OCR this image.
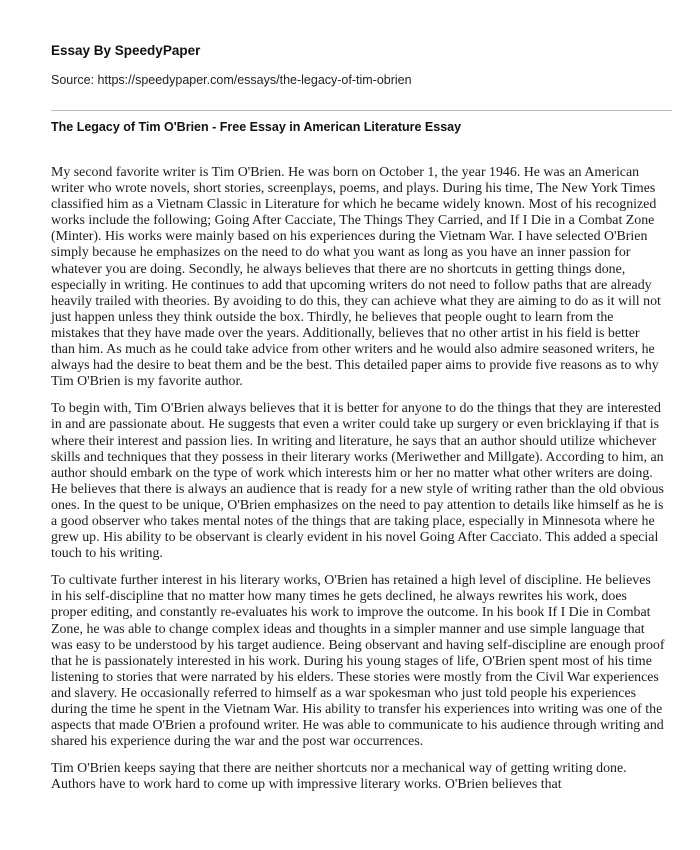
Essay By SpeedyPaper
Source: https://speedypaper.com/essays/the-legacy-of-tim-obrien
The Legacy of Tim O'Brien - Free Essay in American Literature Essay

My second favorite writer is Tim O'Brien. He was born on October 1, the year 1946. He was an American writer who wrote novels, short stories, screenplays, poems, and plays. During his time, The New York Times classified him as a Vietnam Classic in Literature for which he became widely known. Most of his recognized works include the following; Going After Cacciate, The Things They Carried, and If I Die in a Combat Zone (Minter). His works were mainly based on his experiences during the Vietnam War. I have selected O'Brien simply because he emphasizes on the need to do what you want as long as you have an inner passion for whatever you are doing. Secondly, he always believes that there are no shortcuts in getting things done, especially in writing. He continues to add that upcoming writers do not need to follow paths that are already heavily trailed with theories. By avoiding to do this, they can achieve what they are aiming to do as it will not just happen unless they think outside the box. Thirdly, he believes that people ought to learn from the mistakes that they have made over the years. Additionally, believes that no other artist in his field is better than him. As much as he could take advice from other writers and he would also admire seasoned writers, he always had the desire to beat them and be the best. This detailed paper aims to provide five reasons as to why Tim O'Brien is my favorite author.

To begin with, Tim O'Brien always believes that it is better for anyone to do the things that they are interested in and are passionate about. He suggests that even a writer could take up surgery or even bricklaying if that is where their interest and passion lies. In writing and literature, he says that an author should utilize whichever skills and techniques that they possess in their literary works (Meriwether and Millgate). According to him, an author should embark on the type of work which interests him or her no matter what other writers are doing. He believes that there is always an audience that is ready for a new style of writing rather than the old obvious ones. In the quest to be unique, O'Brien emphasizes on the need to pay attention to details like himself as he is a good observer who takes mental notes of the things that are taking place, especially in Minnesota where he grew up. His ability to be observant is clearly evident in his novel Going After Cacciato. This added a special touch to his writing.

To cultivate further interest in his literary works, O'Brien has retained a high level of discipline. He believes in his self-discipline that no matter how many times he gets declined, he always rewrites his work, does proper editing, and constantly re-evaluates his work to improve the outcome. In his book If I Die in Combat Zone, he was able to change complex ideas and thoughts in a simpler manner and use simple language that was easy to be understood by his target audience. Being observant and having self-discipline are enough proof that he is passionately interested in his work. During his young stages of life, O'Brien spent most of his time listening to stories that were narrated by his elders. These stories were mostly from the Civil War experiences and slavery. He occasionally referred to himself as a war spokesman who just told people his experiences during the time he spent in the Vietnam War. His ability to transfer his experiences into writing was one of the aspects that made O'Brien a profound writer. He was able to communicate to his audience through writing and shared his experience during the war and the post war occurrences.

Tim O'Brien keeps saying that there are neither shortcuts nor a mechanical way of getting writing done. Authors have to work hard to come up with impressive literary works. O'Brien believes that
